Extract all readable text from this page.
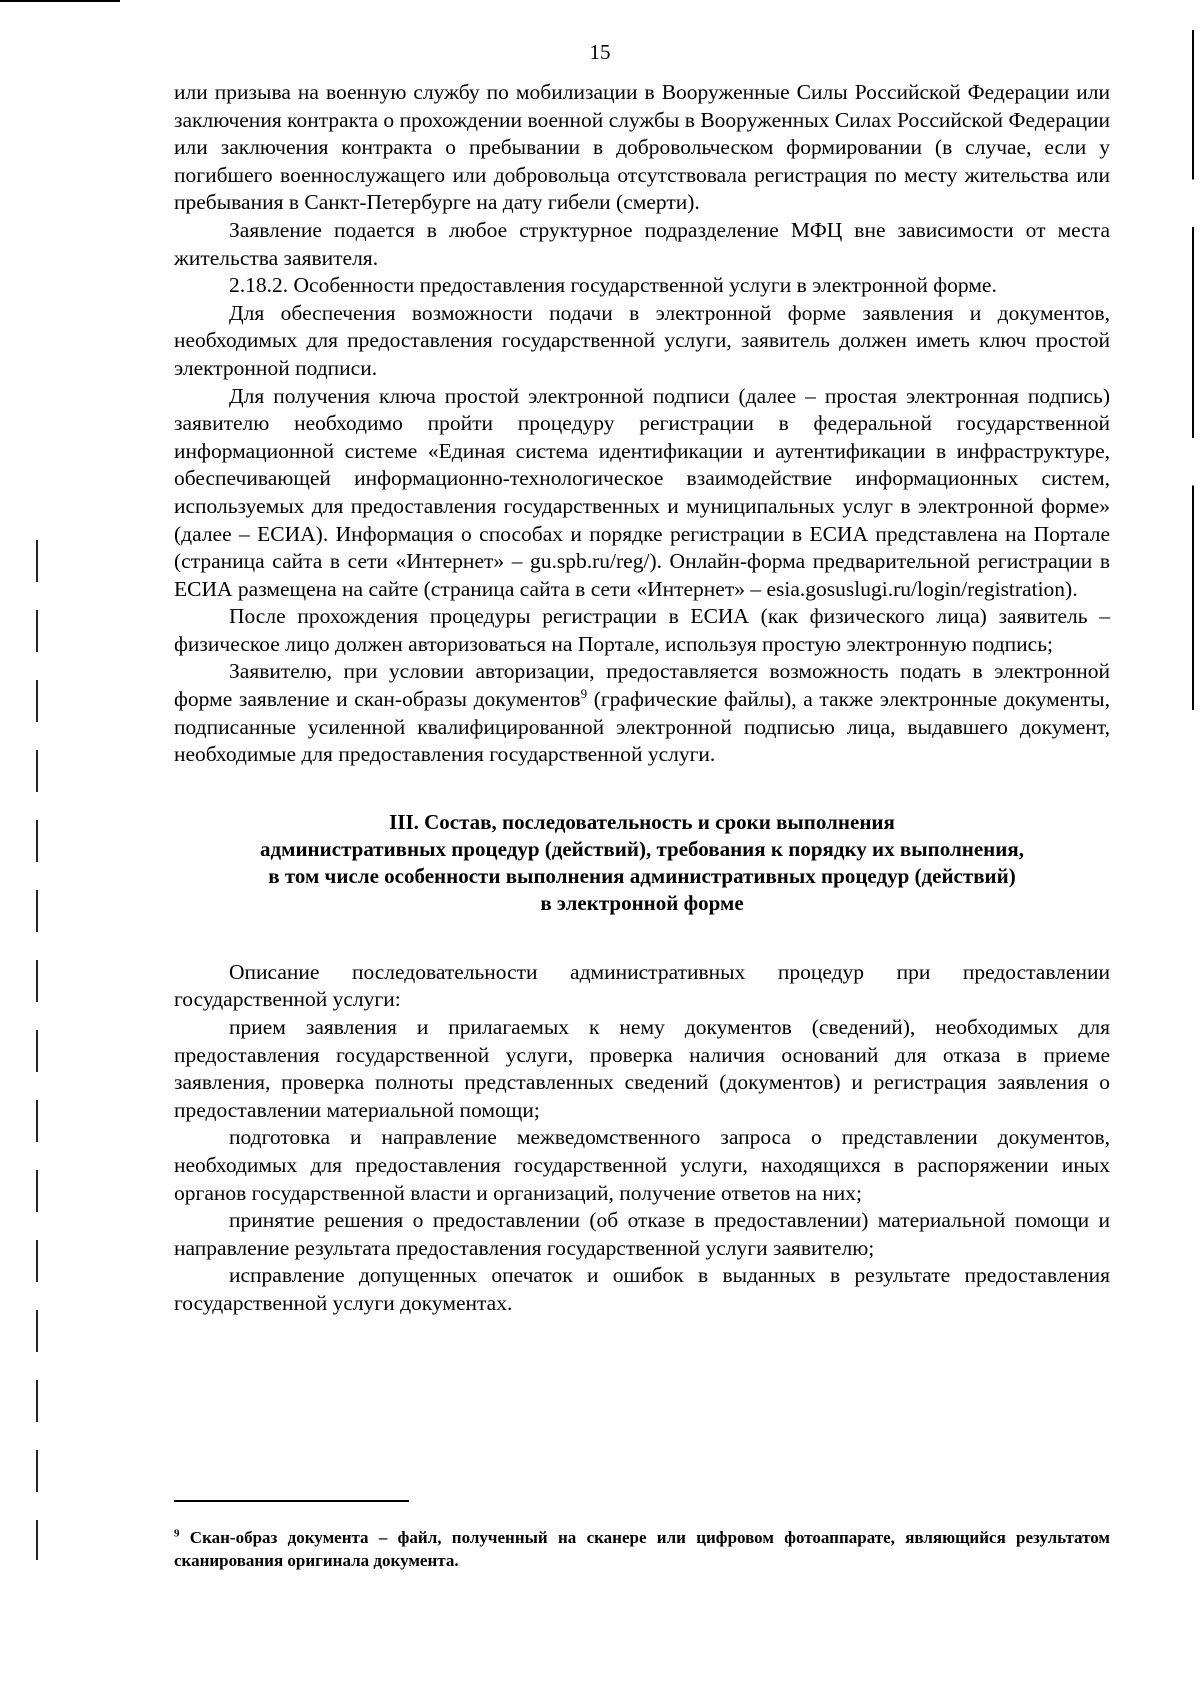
15

или призыва на военную службу по мобилизации в Вооруженные Силы Российской Федерации или заключения контракта о прохождении военной службы в Вооруженных Силах Российской Федерации или заключения контракта о пребывании в добровольческом формировании (в случае, если у погибшего военнослужащего или добровольца отсутствовала регистрация по месту жительства или пребывания в Санкт-Петербурге на дату гибели (смерти).

Заявление подается в любое структурное подразделение МФЦ вне зависимости от места жительства заявителя.

2.18.2. Особенности предоставления государственной услуги в электронной форме.

Для обеспечения возможности подачи в электронной форме заявления и документов, необходимых для предоставления государственной услуги, заявитель должен иметь ключ простой электронной подписи.

Для получения ключа простой электронной подписи (далее – простая электронная подпись) заявителю необходимо пройти процедуру регистрации в федеральной государственной информационной системе «Единая система идентификации и аутентификации в инфраструктуре, обеспечивающей информационно-технологическое взаимодействие информационных систем, используемых для предоставления государственных и муниципальных услуг в электронной форме» (далее – ЕСИА). Информация о способах и порядке регистрации в ЕСИА представлена на Портале (страница сайта в сети «Интернет» – gu.spb.ru/reg/). Онлайн-форма предварительной регистрации в ЕСИА размещена на сайте (страница сайта в сети «Интернет» – esia.gosuslugi.ru/login/registration).

После прохождения процедуры регистрации в ЕСИА (как физического лица) заявитель – физическое лицо должен авторизоваться на Портале, используя простую электронную подпись;

Заявителю, при условии авторизации, предоставляется возможность подать в электронной форме заявление и скан-образы документов$^9$ (графические файлы), а также электронные документы, подписанные усиленной квалифицированной электронной подписью лица, выдавшего документ, необходимые для предоставления государственной услуги.

III. Состав, последовательность и сроки выполнения
административных процедур (действий), требования к порядку их выполнения,
в том числе особенности выполнения административных процедур (действий)
в электронной форме

Описание последовательности административных процедур при предоставлении государственной услуги:

прием заявления и прилагаемых к нему документов (сведений), необходимых для предоставления государственной услуги, проверка наличия оснований для отказа в приеме заявления, проверка полноты представленных сведений (документов) и регистрация заявления о предоставлении материальной помощи;

подготовка и направление межведомственного запроса о представлении документов, необходимых для предоставления государственной услуги, находящихся в распоряжении иных органов государственной власти и организаций, получение ответов на них;

принятие решения о предоставлении (об отказе в предоставлении) материальной помощи и направление результата предоставления государственной услуги заявителю;

исправление допущенных опечаток и ошибок в выданных в результате предоставления государственной услуги документах.

$^9$ Скан-образ документа – файл, полученный на сканере или цифровом фотоаппарате, являющийся результатом сканирования оригинала документа.
